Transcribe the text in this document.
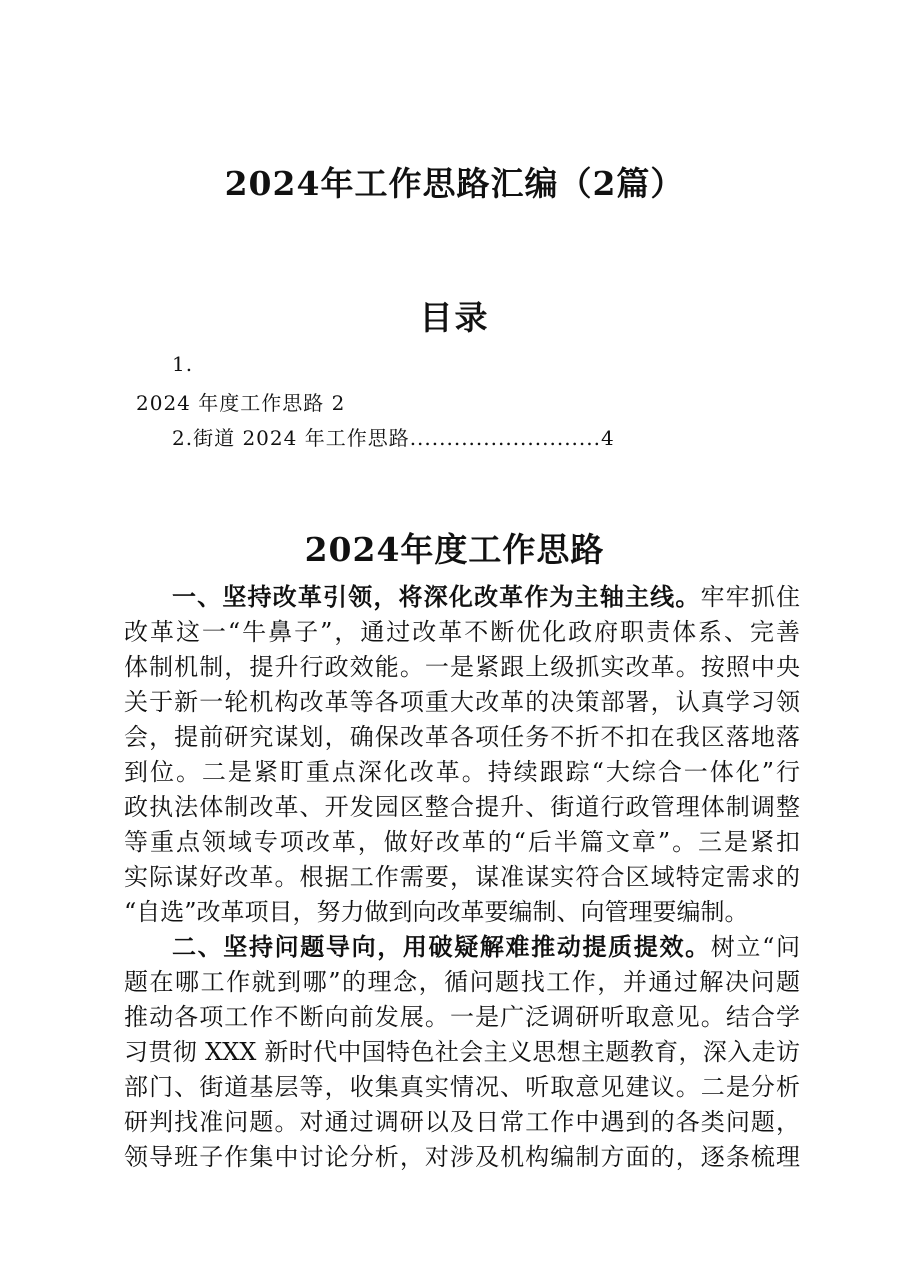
2024年工作思路汇编（2篇）
目录
1.
2024 年度工作思路 2
2.街道 2024 年工作思路..........................4
2024年度工作思路
一、坚持改革引领，将深化改革作为主轴主线。牢牢抓住
改革这一“牛鼻子”，通过改革不断优化政府职责体系、完善
体制机制，提升行政效能。一是紧跟上级抓实改革。按照中央
关于新一轮机构改革等各项重大改革的决策部署，认真学习领
会，提前研究谋划，确保改革各项任务不折不扣在我区落地落
到位。二是紧盯重点深化改革。持续跟踪“大综合一体化”行
政执法体制改革、开发园区整合提升、街道行政管理体制调整
等重点领域专项改革，做好改革的“后半篇文章”。三是紧扣
实际谋好改革。根据工作需要，谋准谋实符合区域特定需求的
“自选”改革项目，努力做到向改革要编制、向管理要编制。
二、坚持问题导向，用破疑解难推动提质提效。树立“问
题在哪工作就到哪”的理念，循问题找工作，并通过解决问题
推动各项工作不断向前发展。一是广泛调研听取意见。结合学
习贯彻 XXX 新时代中国特色社会主义思想主题教育，深入走访
部门、街道基层等，收集真实情况、听取意见建议。二是分析
研判找准问题。对通过调研以及日常工作中遇到的各类问题，
领导班子作集中讨论分析，对涉及机构编制方面的，逐条梳理
